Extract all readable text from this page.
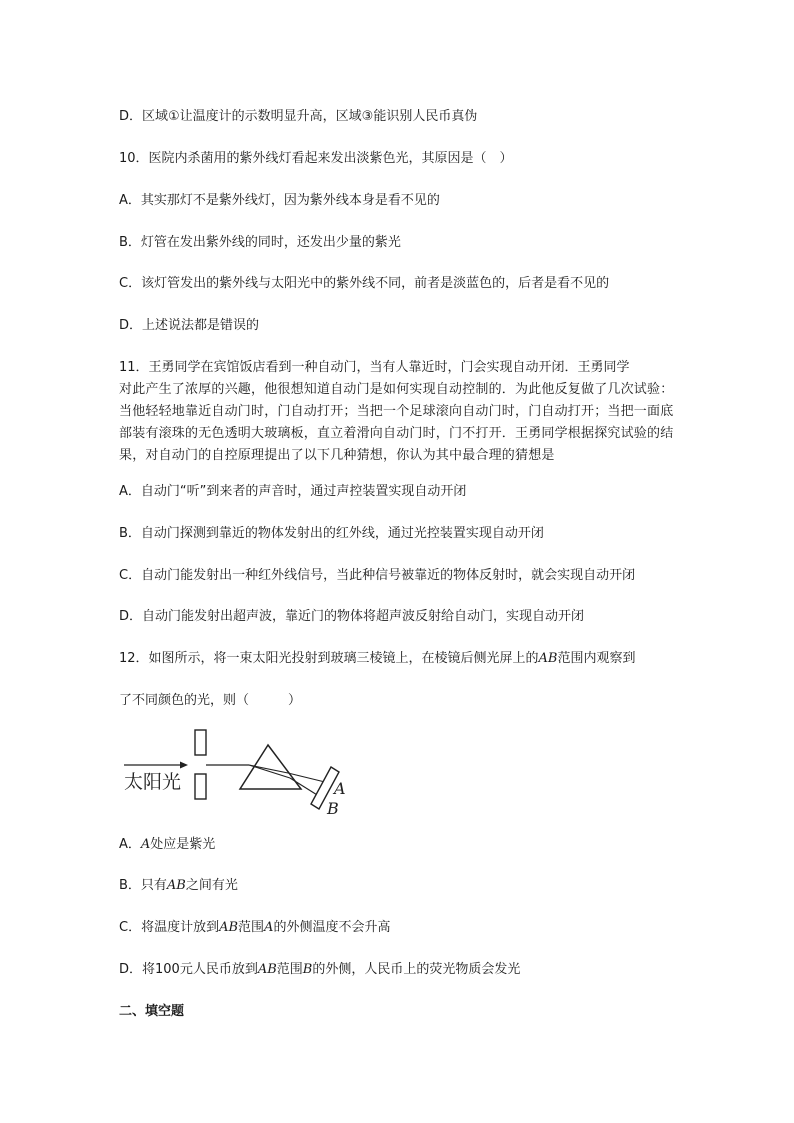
D．区域①让温度计的示数明显升高，区域③能识别人民币真伪
10．医院内杀菌用的紫外线灯看起来发出淡紫色光，其原因是（　）
A．其实那灯不是紫外线灯，因为紫外线本身是看不见的
B．灯管在发出紫外线的同时，还发出少量的紫光
C．该灯管发出的紫外线与太阳光中的紫外线不同，前者是淡蓝色的，后者是看不见的
D．上述说法都是错误的
11．王勇同学在宾馆饭店看到一种自动门，当有人靠近时，门会实现自动开闭．王勇同学
对此产生了浓厚的兴趣，他很想知道自动门是如何实现自动控制的．为此他反复做了几次试验：当他轻轻地靠近自动门时，门自动打开；当把一个足球滚向自动门时，门自动打开；当把一面底部装有滚珠的无色透明大玻璃板，直立着滑向自动门时，门不打开．王勇同学根据探究试验的结果，对自动门的自控原理提出了以下几种猜想，你认为其中最合理的猜想是
A．自动门“听”到来者的声音时，通过声控装置实现自动开闭
B．自动门探测到靠近的物体发射出的红外线，通过光控装置实现自动开闭
C．自动门能发射出一种红外线信号，当此种信号被靠近的物体反射时，就会实现自动开闭
D．自动门能发射出超声波，靠近门的物体将超声波反射给自动门，实现自动开闭
12．如图所示，将一束太阳光投射到玻璃三棱镜上，在棱镜后侧光屏上的AB范围内观察到
了不同颜色的光，则（　　　）
太阳光	A
B
A．A处应是紫光
B．只有AB之间有光
C．将温度计放到AB范围A的外侧温度不会升高
D．将100元人民币放到AB范围B的外侧，人民币上的荧光物质会发光
二、填空题
